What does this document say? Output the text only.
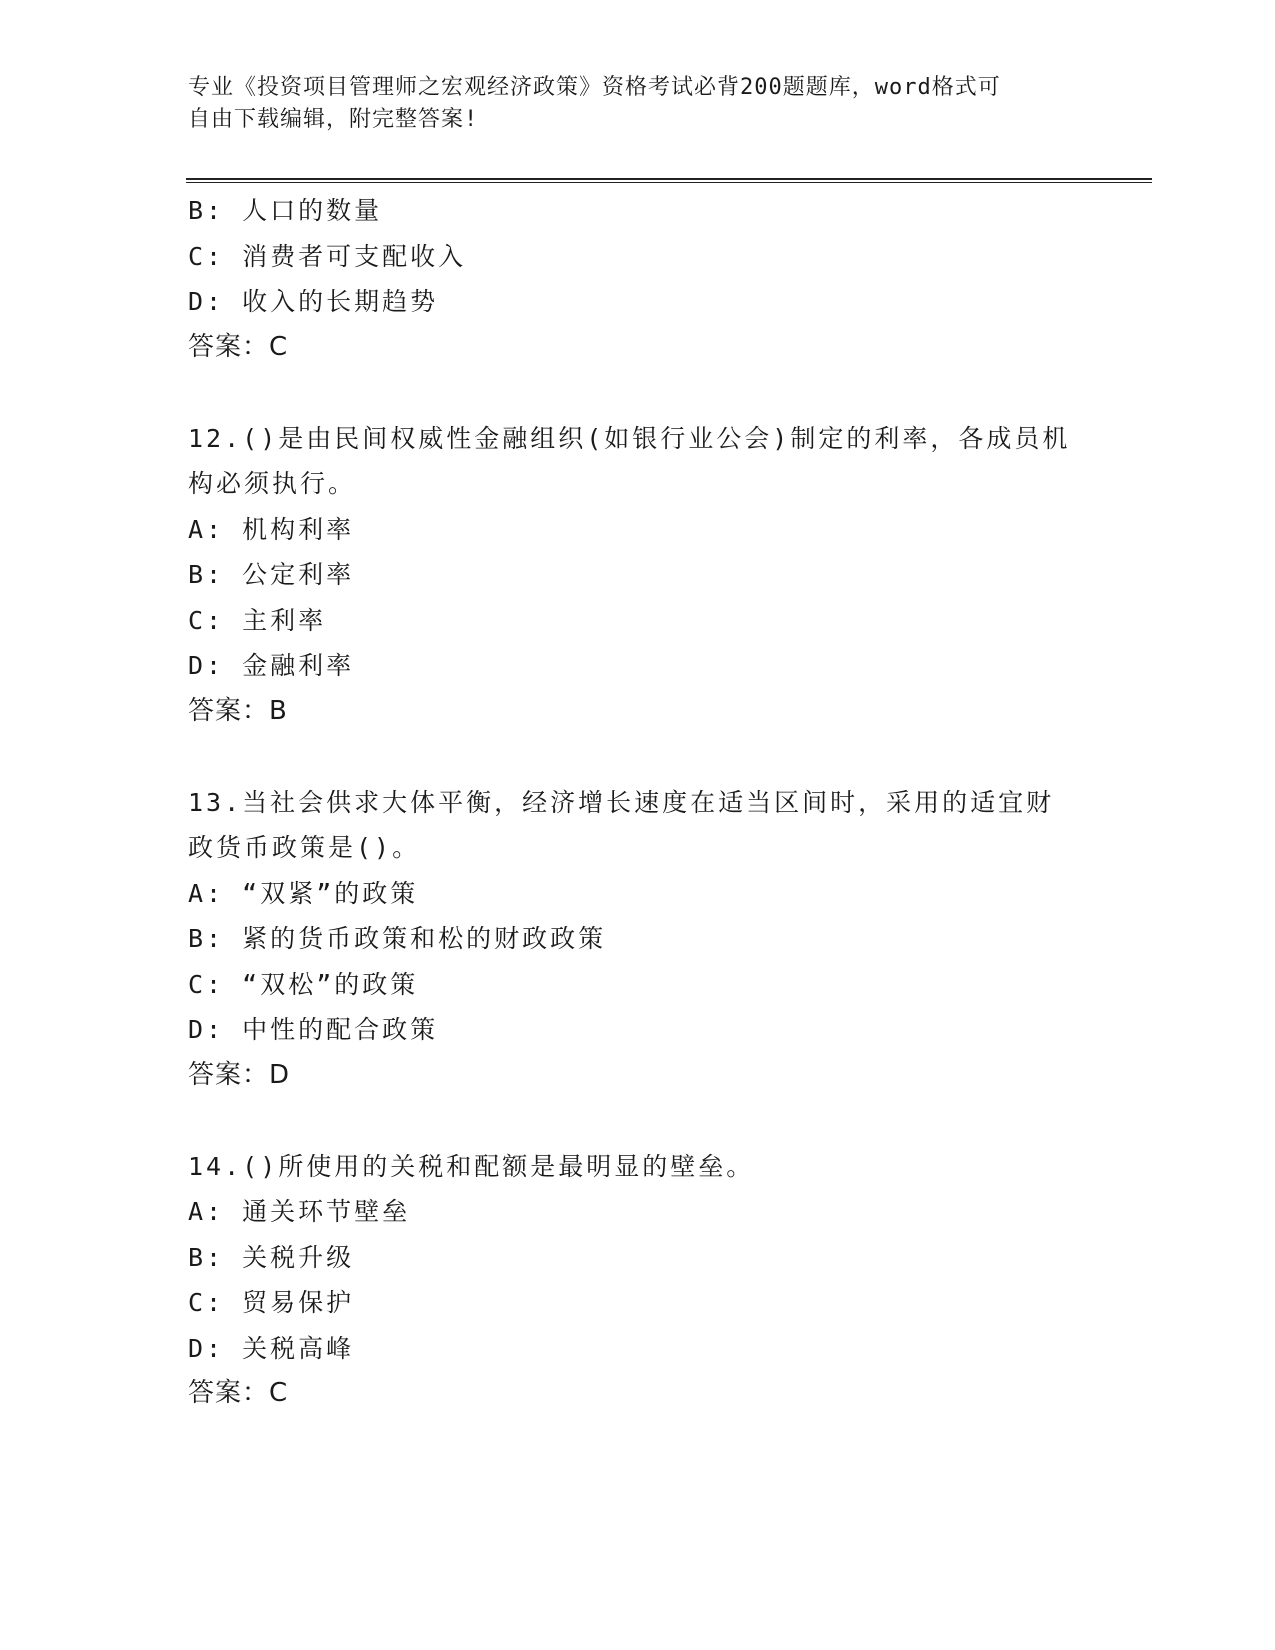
专业《投资项目管理师之宏观经济政策》资格考试必背200题题库，word格式可
自由下载编辑，附完整答案!
B: 人口的数量
C: 消费者可支配收入
D: 收入的长期趋势
答案：C
12.()是由民间权威性金融组织(如银行业公会)制定的利率，各成员机
构必须执行。
A: 机构利率
B: 公定利率
C: 主利率
D: 金融利率
答案：B
13.当社会供求大体平衡，经济增长速度在适当区间时，采用的适宜财
政货币政策是()。
A: “双紧”的政策
B: 紧的货币政策和松的财政政策
C: “双松”的政策
D: 中性的配合政策
答案：D
14.()所使用的关税和配额是最明显的壁垒。
A: 通关环节壁垒
B: 关税升级
C: 贸易保护
D: 关税高峰
答案：C
